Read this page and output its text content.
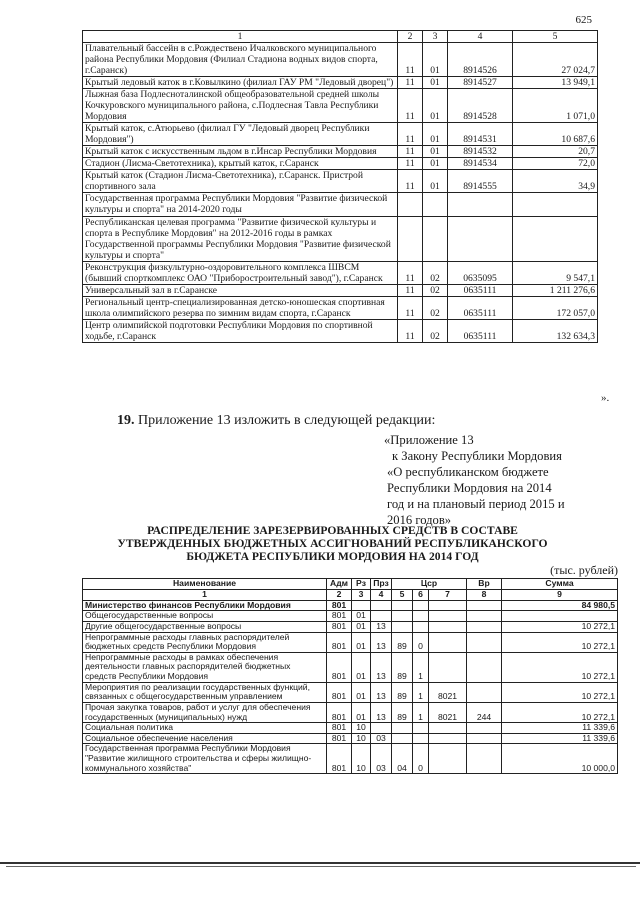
625
1	2	3	4	5
Плавательный бассейн в с.Рождествено Ичалковского муниципального района Республики Мордовия (Филиал Стадиона водных видов спорта, г.Саранск)	11	01	8914526	27 024,7
Крытый ледовый каток в г.Ковылкино (филиал ГАУ РМ "Ледовый дворец")	11	01	8914527	13 949,1
Лыжная база Подлесноталинской общеобразовательной средней школы Кочкуровского муниципального района, с.Подлесная Тавла Республики Мордовия	11	01	8914528	1 071,0
Крытый каток, с.Атюрьево (филиал ГУ "Ледовый дворец Республики Мордовия")	11	01	8914531	10 687,6
Крытый каток с искусственным льдом в г.Инсар Республики Мордовия	11	01	8914532	20,7
Стадион (Лисма-Светотехника), крытый каток, г.Саранск	11	01	8914534	72,0
Крытый каток (Стадион Лисма-Светотехника), г.Саранск. Пристрой спортивного зала	11	01	8914555	34,9
Государственная программа Республики Мордовия "Развитие физической культуры и спорта" на 2014-2020 годы				
Республиканская целевая программа "Развитие физической культуры и спорта в Республике Мордовия" на 2012-2016 годы в рамках Государственной программы Республики Мордовия "Развитие физической культуры и спорта"				
Реконструкция физкультурно-оздоровительного комплекса ШВСМ (бывший спорткомплекс ОАО "Приборостроительный завод"), г.Саранск	11	02	0635095	9 547,1
Универсальный зал в г.Саранске	11	02	0635111	1 211 276,6
Региональный центр-специализированная детско-юношеская спортивная школа олимпийского резерва по зимним видам спорта, г.Саранск	11	02	0635111	172 057,0
Центр олимпийской подготовки Республики Мордовия по спортивной ходьбе, г.Саранск	11	02	0635111	132 634,3
».
19. Приложение 13 изложить в следующей редакции:
«Приложение 13
к Закону Республики Мордовия
«О республиканском бюджете
Республики Мордовия на 2014
год и на плановый период 2015 и
2016 годов»
РАСПРЕДЕЛЕНИЕ ЗАРЕЗЕРВИРОВАННЫХ СРЕДСТВ В СОСТАВЕ
УТВЕРЖДЕННЫХ БЮДЖЕТНЫХ АССИГНОВАНИЙ РЕСПУБЛИКАНСКОГО
БЮДЖЕТА РЕСПУБЛИКИ МОРДОВИЯ НА 2014 ГОД
(тыс. рублей)
Наименование	Адм	Рз	Прз	Цср			Вр	Сумма
1	2	3	4	5	6	7	8	9
Министерство финансов Республики Мордовия	801							84 980,5
Общегосударственные вопросы	801	01						
Другие общегосударственные вопросы	801	01	13					10 272,1
Непрограммные расходы главных распорядителей бюджетных средств Республики Мордовия	801	01	13	89	0			10 272,1
Непрограммные расходы в рамках обеспечения деятельности главных распорядителей бюджетных средств Республики Мордовия	801	01	13	89	1			10 272,1
Мероприятия по реализации государственных функций, связанных с общегосударственным управлением	801	01	13	89	1	8021		10 272,1
Прочая закупка товаров, работ и услуг для обеспечения государственных (муниципальных) нужд	801	01	13	89	1	8021	244	10 272,1
Социальная политика	801	10						11 339,6
Социальное обеспечение населения	801	10	03					11 339,6
Государственная программа Республики Мордовия "Развитие жилищного строительства и сферы жилищно-коммунального хозяйства"	801	10	03	04	0			10 000,0
